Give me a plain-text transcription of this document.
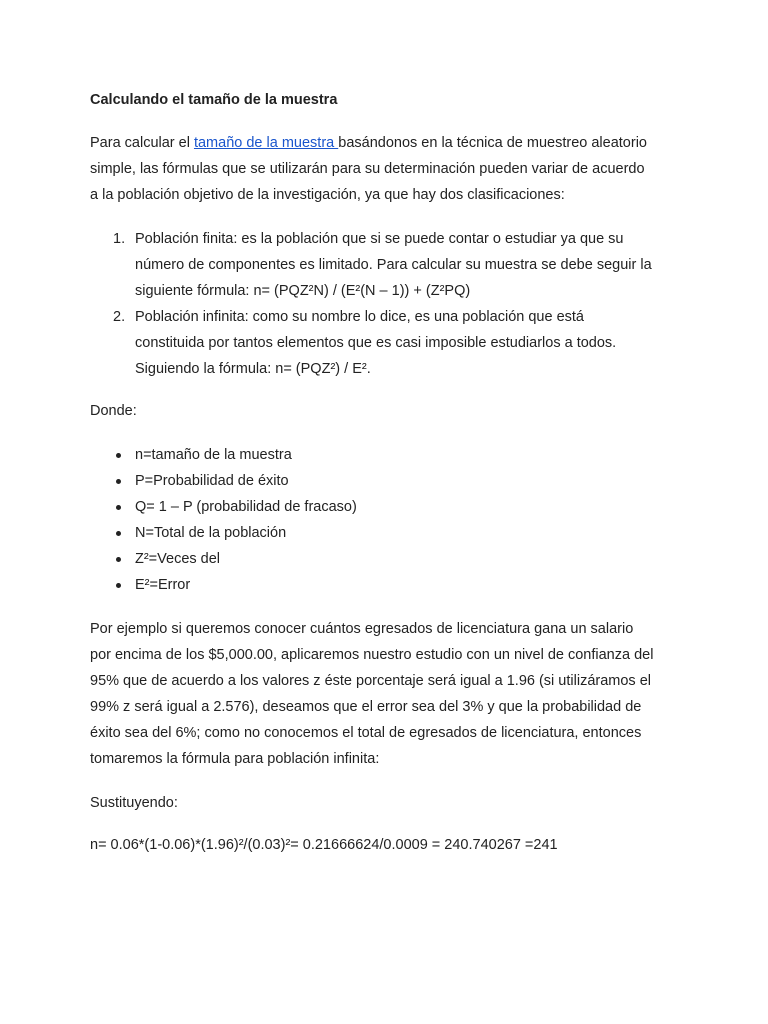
Calculando el tamaño de la muestra

Para calcular el tamaño de la muestra basándonos en la técnica de muestreo aleatorio
simple, las fórmulas que se utilizarán para su determinación pueden variar de acuerdo
a la población objetivo de la investigación, ya que hay dos clasificaciones:

1. Población finita: es la población que si se puede contar o estudiar ya que su
número de componentes es limitado. Para calcular su muestra se debe seguir la
siguiente fórmula: n= (PQZ²N) / (E²(N – 1)) + (Z²PQ)
2. Población infinita: como su nombre lo dice, es una población que está
constituida por tantos elementos que es casi imposible estudiarlos a todos.
Siguiendo la fórmula: n= (PQZ²) / E².

Donde:

n=tamaño de la muestra
P=Probabilidad de éxito
Q= 1 – P (probabilidad de fracaso)
N=Total de la población
Z²=Veces del
E²=Error

Por ejemplo si queremos conocer cuántos egresados de licenciatura gana un salario
por encima de los $5,000.00, aplicaremos nuestro estudio con un nivel de confianza del
95% que de acuerdo a los valores z éste porcentaje será igual a 1.96 (si utilizáramos el
99% z será igual a 2.576), deseamos que el error sea del 3% y que la probabilidad de
éxito sea del 6%; como no conocemos el total de egresados de licenciatura, entonces
tomaremos la fórmula para población infinita:

Sustituyendo:

n= 0.06*(1-0.06)*(1.96)²/(0.03)²= 0.21666624/0.0009 = 240.740267 =241
